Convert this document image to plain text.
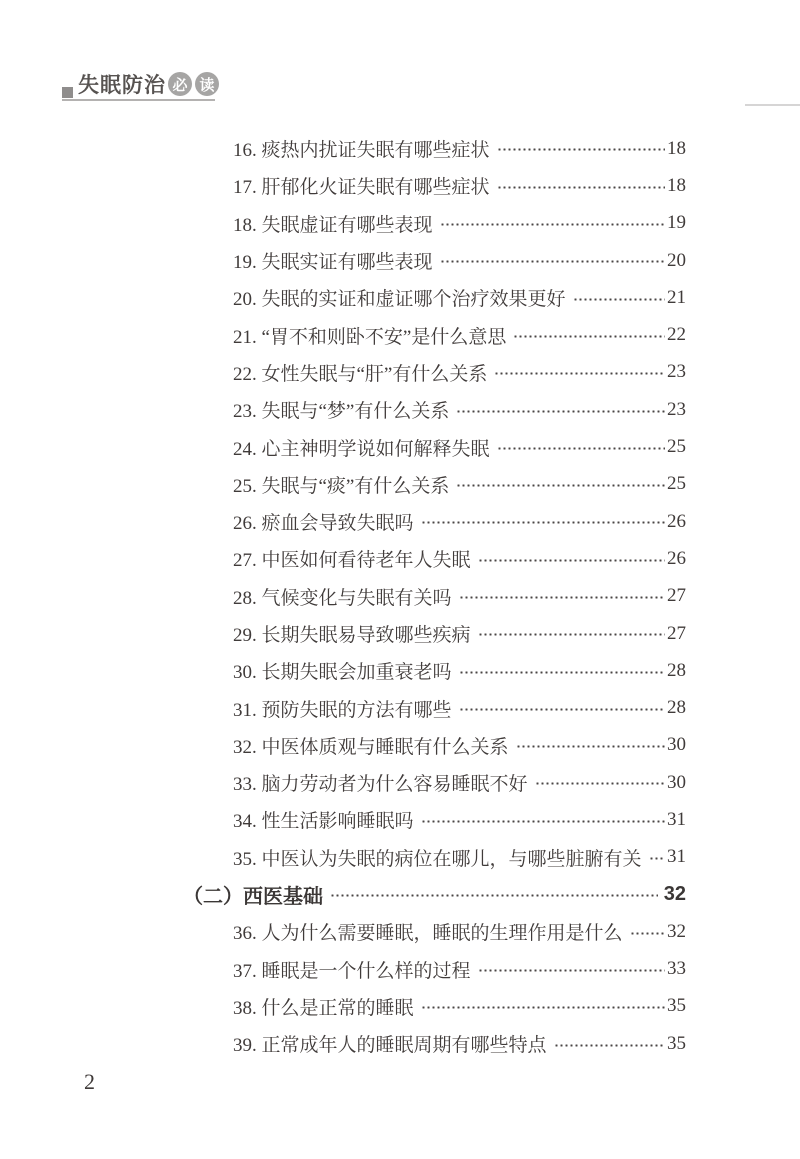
失眠防治 必 读
16. 痰热内扰证失眠有哪些症状	18
17. 肝郁化火证失眠有哪些症状	18
18. 失眠虚证有哪些表现	19
19. 失眠实证有哪些表现	20
20. 失眠的实证和虚证哪个治疗效果更好	21
21. “胃不和则卧不安”是什么意思	22
22. 女性失眠与“肝”有什么关系	23
23. 失眠与“梦”有什么关系	23
24. 心主神明学说如何解释失眠	25
25. 失眠与“痰”有什么关系	25
26. 瘀血会导致失眠吗	26
27. 中医如何看待老年人失眠	26
28. 气候变化与失眠有关吗	27
29. 长期失眠易导致哪些疾病	27
30. 长期失眠会加重衰老吗	28
31. 预防失眠的方法有哪些	28
32. 中医体质观与睡眠有什么关系	30
33. 脑力劳动者为什么容易睡眠不好	30
34. 性生活影响睡眠吗	31
35. 中医认为失眠的病位在哪儿，与哪些脏腑有关 31
（二）西医基础	32
36. 人为什么需要睡眠，睡眠的生理作用是什么 32
37. 睡眠是一个什么样的过程	33
38. 什么是正常的睡眠	35
39. 正常成年人的睡眠周期有哪些特点	35
2
